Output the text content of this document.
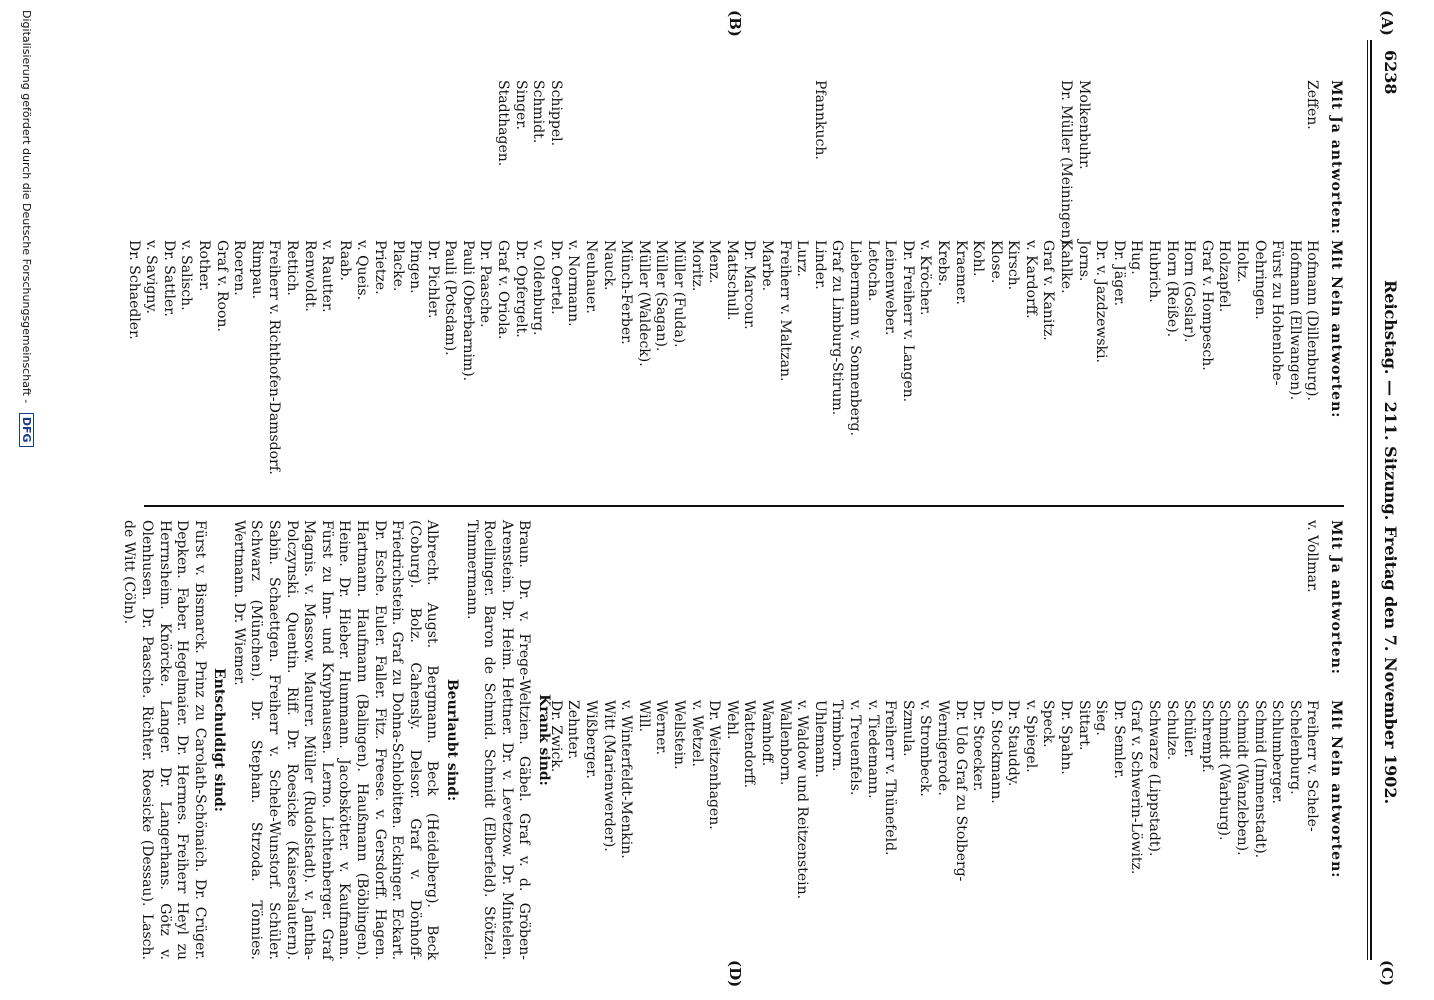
6238
Reichstag. — 211. Sitzung. Freitag den 7. November 1902.
(A)
(B)
(C)
(D)
Mit Ja antworten:
Zeffen.

Molkenbuhr.
Dr. Müller (Meiningen).

Pfannkuch.

Schippel.
Schmidt.
Singer.
Stadthagen.
Mit Nein antworten:
Hofmann (Dillenburg).
Hofmann (Ellwangen).
Fürst zu Hohenlohe-
Oehringen.
Holtz.
Holzapfel.
Graf v. Hompesch.
Horn (Goslar).
Horn (Reiße).
Hubrich.
Hug.
Dr. Jäger.
Dr. v. Jazdzewski.
Jorns.
Kahlke.
Graf v. Kanitz.
v. Kardorff.
Kirsch.
Klose.
Kohl.
Kraemer.
Krebs.
v. Kröcher.
Dr. Freiherr v. Langen.
Leinenweber.
Letocha.
Liebermann v. Sonnenberg.
Graf zu Limburg-Stirum.
Linder.
Lurz.
Freiherr v. Maltzan.
Marbe.
Dr. Marcour.
Mattschull.
Menz.
Moritz.
Müller (Fulda).
Müller (Sagan).
Müller (Waldeck).
Münch-Ferber.
Nauck.
Neuhauer.
v. Normann.
Dr. Oertel.
v. Oldenburg.
Dr. Opfergelt.
Graf v. Oriola.
Dr. Paasche.
Pauli (Oberbarnim).
Pauli (Potsdam).
Dr. Pichler.
Pingen.
Placke.
Prietze.
v. Queis.
Raab.
v. Rautter.
Renwoldt.
Rettich.
Freiherr v. Richthofen-Damsdorf.
Rimpau.
Roeren.
Graf v. Roon.
Rother.
v. Salisch.
Dr. Sattler.
v. Savigny.
Dr. Schaedler.
Mit Ja antworten:
v. Vollmar.
Mit Nein antworten:
Freiherr v. Schele-
Schelenburg.
Schlumberger.
Schmid (Immenstadt).
Schmidt (Wanzleben).
Schmidt (Warburg).
Schrempf.
Schüler.
Schulze.
Schwarze (Lippstadt).
Graf v. Schwerin-Löwitz.
Dr. Semler.
Sieg.
Sittart.
Dr. Spahn.
Speck.
v. Spiegel.
Dr. Stauddy.
D. Stockmann.
Dr. Stoecker.
Dr. Udo Graf zu Stolberg-
Wernigerode.
v. Strombeck.
Szmula.
Freiherr v. Thünefeld.
v. Tiedemann.
v. Treuenfels.
Trimborn.
Uhlemann.
v. Waldow und Reitzenstein.
Wallenborn.
Wamhoff.
Wattendorff.
Wehl.
Dr. Weitzenhagen.
v. Wetzel.
Wellstein.
Werner.
Will.
v. Winterfeldt-Menkin.
Witt (Marienwerder).
Wißberger.
Zehnter.
Dr. Zwick.
Krank sind:
Braun. Dr. v. Frege-Weltzien. Gäbel. Graf v. d. Gröben-Arenstein. Dr. Heim. Hettner. Dr. v. Levetzow. Dr. Mintelen. Roellinger. Baron de Schmid. Schmidt (Elberfeld). Stötzel. Timmermann.
Beurlaubt sind:
Albrecht. Augst. Bergmann. Beck (Heidelberg). Beck (Coburg). Bolz. Cahensly. Delsor. Graf v. Dönhoff-Friedrichstein. Graf zu Dohna-Schlobitten. Eckinger. Eckart. Dr. Esche. Euler. Faller. Fitz. Freese. v. Gersdorff. Hagen. Hartmann. Haufmann (Balingen). Haußmann (Böblingen). Heine. Dr. Hieber. Hummann. Jacobskötter. v. Kaufmann. Fürst zu Inn- und Knyphausen. Lerno. Lichtenberger. Graf Magnis. v. Massow. Maurer. Müller (Rudolstadt). v. Jantha-Polczynski. Quentin. Riff. Dr. Roesicke (Kaiserslautern). Sabin. Schaettgen. Freiherr v. Schele-Wunstorf. Schüler. Schwarz (München). Dr. Stephan. Strzoda. Tönnies. Wertmann. Dr. Wiemer.
Entschuldigt sind:
Fürst v. Bismarck. Prinz zu Carolath-Schönaich. Dr. Crüger. Depken. Faber. Hegelmaier. Dr. Hermes. Freiherr Heyl zu Herrnsheim. Knörcke. Langer. Dr. Langerhans. Götz v. Olenhusen. Dr. Paasche. Richter. Roesicke (Dessau). Lasch. de Witt (Cöln).
Digitalisierung gefördert durch die Deutsche Forschungsgemeinschaft - DFG
